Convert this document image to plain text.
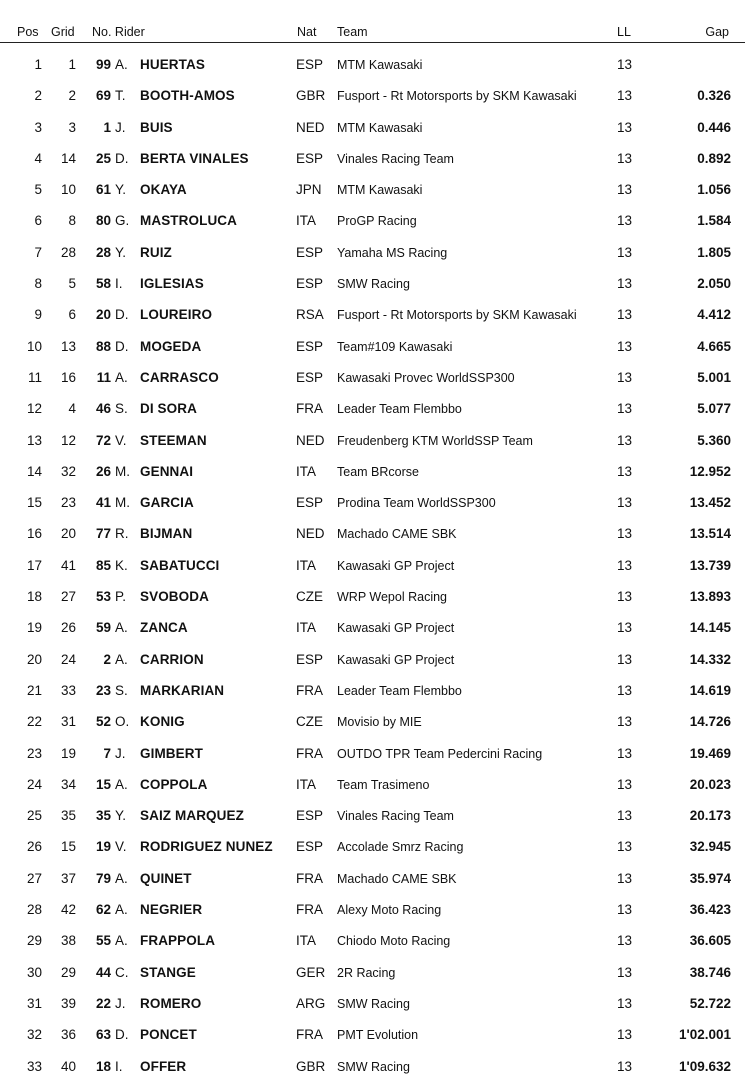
Pos Grid No. Rider	Nat Team	LL	Gap
1	1	99 A. HUERTAS	ESP MTM Kawasaki	13
2	2	69 T. BOOTH-AMOS	GBR Fusport - Rt Motorsports by SKM Kawasaki	13	0.326
3	3	1 J. BUIS	NED MTM Kawasaki	13	0.446
4	14	25 D. BERTA VINALES	ESP Vinales Racing Team	13	0.892
5	10	61 Y. OKAYA	JPN MTM Kawasaki	13	1.056
6	8	80 G. MASTROLUCA	ITA ProGP Racing	13	1.584
7	28	28 Y. RUIZ	ESP Yamaha MS Racing	13	1.805
8	5	58 I. IGLESIAS	ESP SMW Racing	13	2.050
9	6	20 D. LOUREIRO	RSA Fusport - Rt Motorsports by SKM Kawasaki	13	4.412
10	13	88 D. MOGEDA	ESP Team#109 Kawasaki	13	4.665
11	16	11 A. CARRASCO	ESP Kawasaki Provec WorldSSP300	13	5.001
12	4	46 S. DI SORA	FRA Leader Team Flembbo	13	5.077
13	12	72 V. STEEMAN	NED Freudenberg KTM WorldSSP Team	13	5.360
14	32	26 M. GENNAI	ITA Team BRcorse	13	12.952
15	23	41 M. GARCIA	ESP Prodina Team WorldSSP300	13	13.452
16	20	77 R. BIJMAN	NED Machado CAME SBK	13	13.514
17	41	85 K. SABATUCCI	ITA Kawasaki GP Project	13	13.739
18	27	53 P. SVOBODA	CZE WRP Wepol Racing	13	13.893
19	26	59 A. ZANCA	ITA Kawasaki GP Project	13	14.145
20	24	2 A. CARRION	ESP Kawasaki GP Project	13	14.332
21	33	23 S. MARKARIAN	FRA Leader Team Flembbo	13	14.619
22	31	52 O. KONIG	CZE Movisio by MIE	13	14.726
23	19	7 J. GIMBERT	FRA OUTDO TPR Team Pedercini Racing	13	19.469
24	34	15 A. COPPOLA	ITA Team Trasimeno	13	20.023
25	35	35 Y. SAIZ MARQUEZ	ESP Vinales Racing Team	13	20.173
26	15	19 V. RODRIGUEZ NUNEZ ESP Accolade Smrz Racing	13	32.945
27	37	79 A. QUINET	FRA Machado CAME SBK	13	35.974
28	42	62 A. NEGRIER	FRA Alexy Moto Racing	13	36.423
29	38	55 A. FRAPPOLA	ITA Chiodo Moto Racing	13	36.605
30	29	44 C. STANGE	GER 2R Racing	13	38.746
31	39	22 J. ROMERO	ARG SMW Racing	13	52.722
32	36	63 D. PONCET	FRA PMT Evolution	13	1'02.001
33	40	18 I. OFFER	GBR SMW Racing	13	1'09.632
